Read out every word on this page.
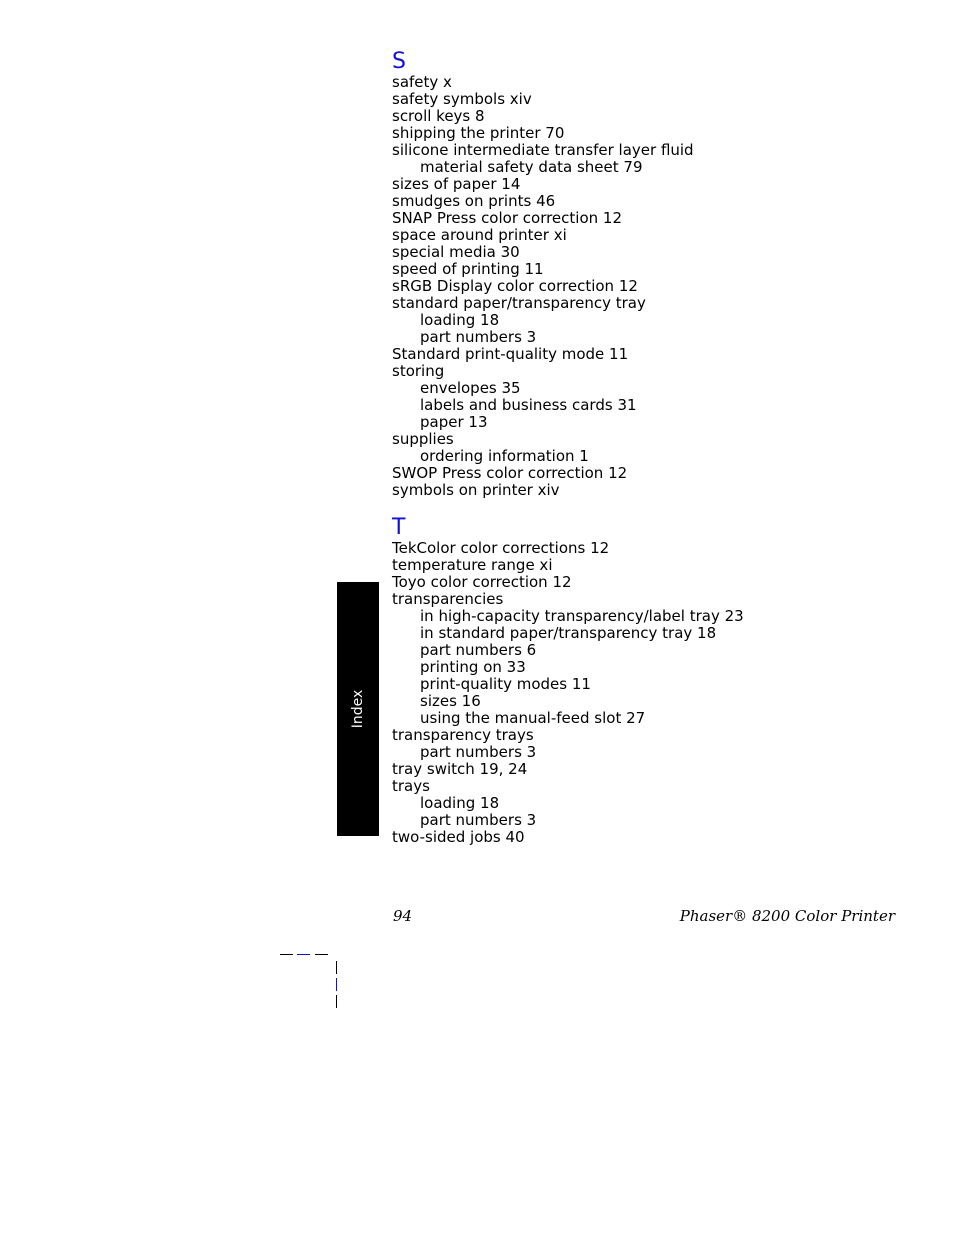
S
safety x
safety symbols xiv
scroll keys 8
shipping the printer 70
silicone intermediate transfer layer fluid
material safety data sheet 79
sizes of paper 14
smudges on prints 46
SNAP Press color correction 12
space around printer xi
special media 30
speed of printing 11
sRGB Display color correction 12
standard paper/transparency tray
loading 18
part numbers 3
Standard print-quality mode 11
storing
envelopes 35
labels and business cards 31
paper 13
supplies
ordering information 1
SWOP Press color correction 12
symbols on printer xiv
T
TekColor color corrections 12
temperature range xi
Toyo color correction 12
transparencies
in high-capacity transparency/label tray 23
in standard paper/transparency tray 18
part numbers 6
printing on 33
print-quality modes 11
sizes 16
using the manual-feed slot 27
transparency trays
part numbers 3
tray switch 19, 24
trays
loading 18
part numbers 3
two-sided jobs 40
Index
94	Phaser® 8200 Color Printer
